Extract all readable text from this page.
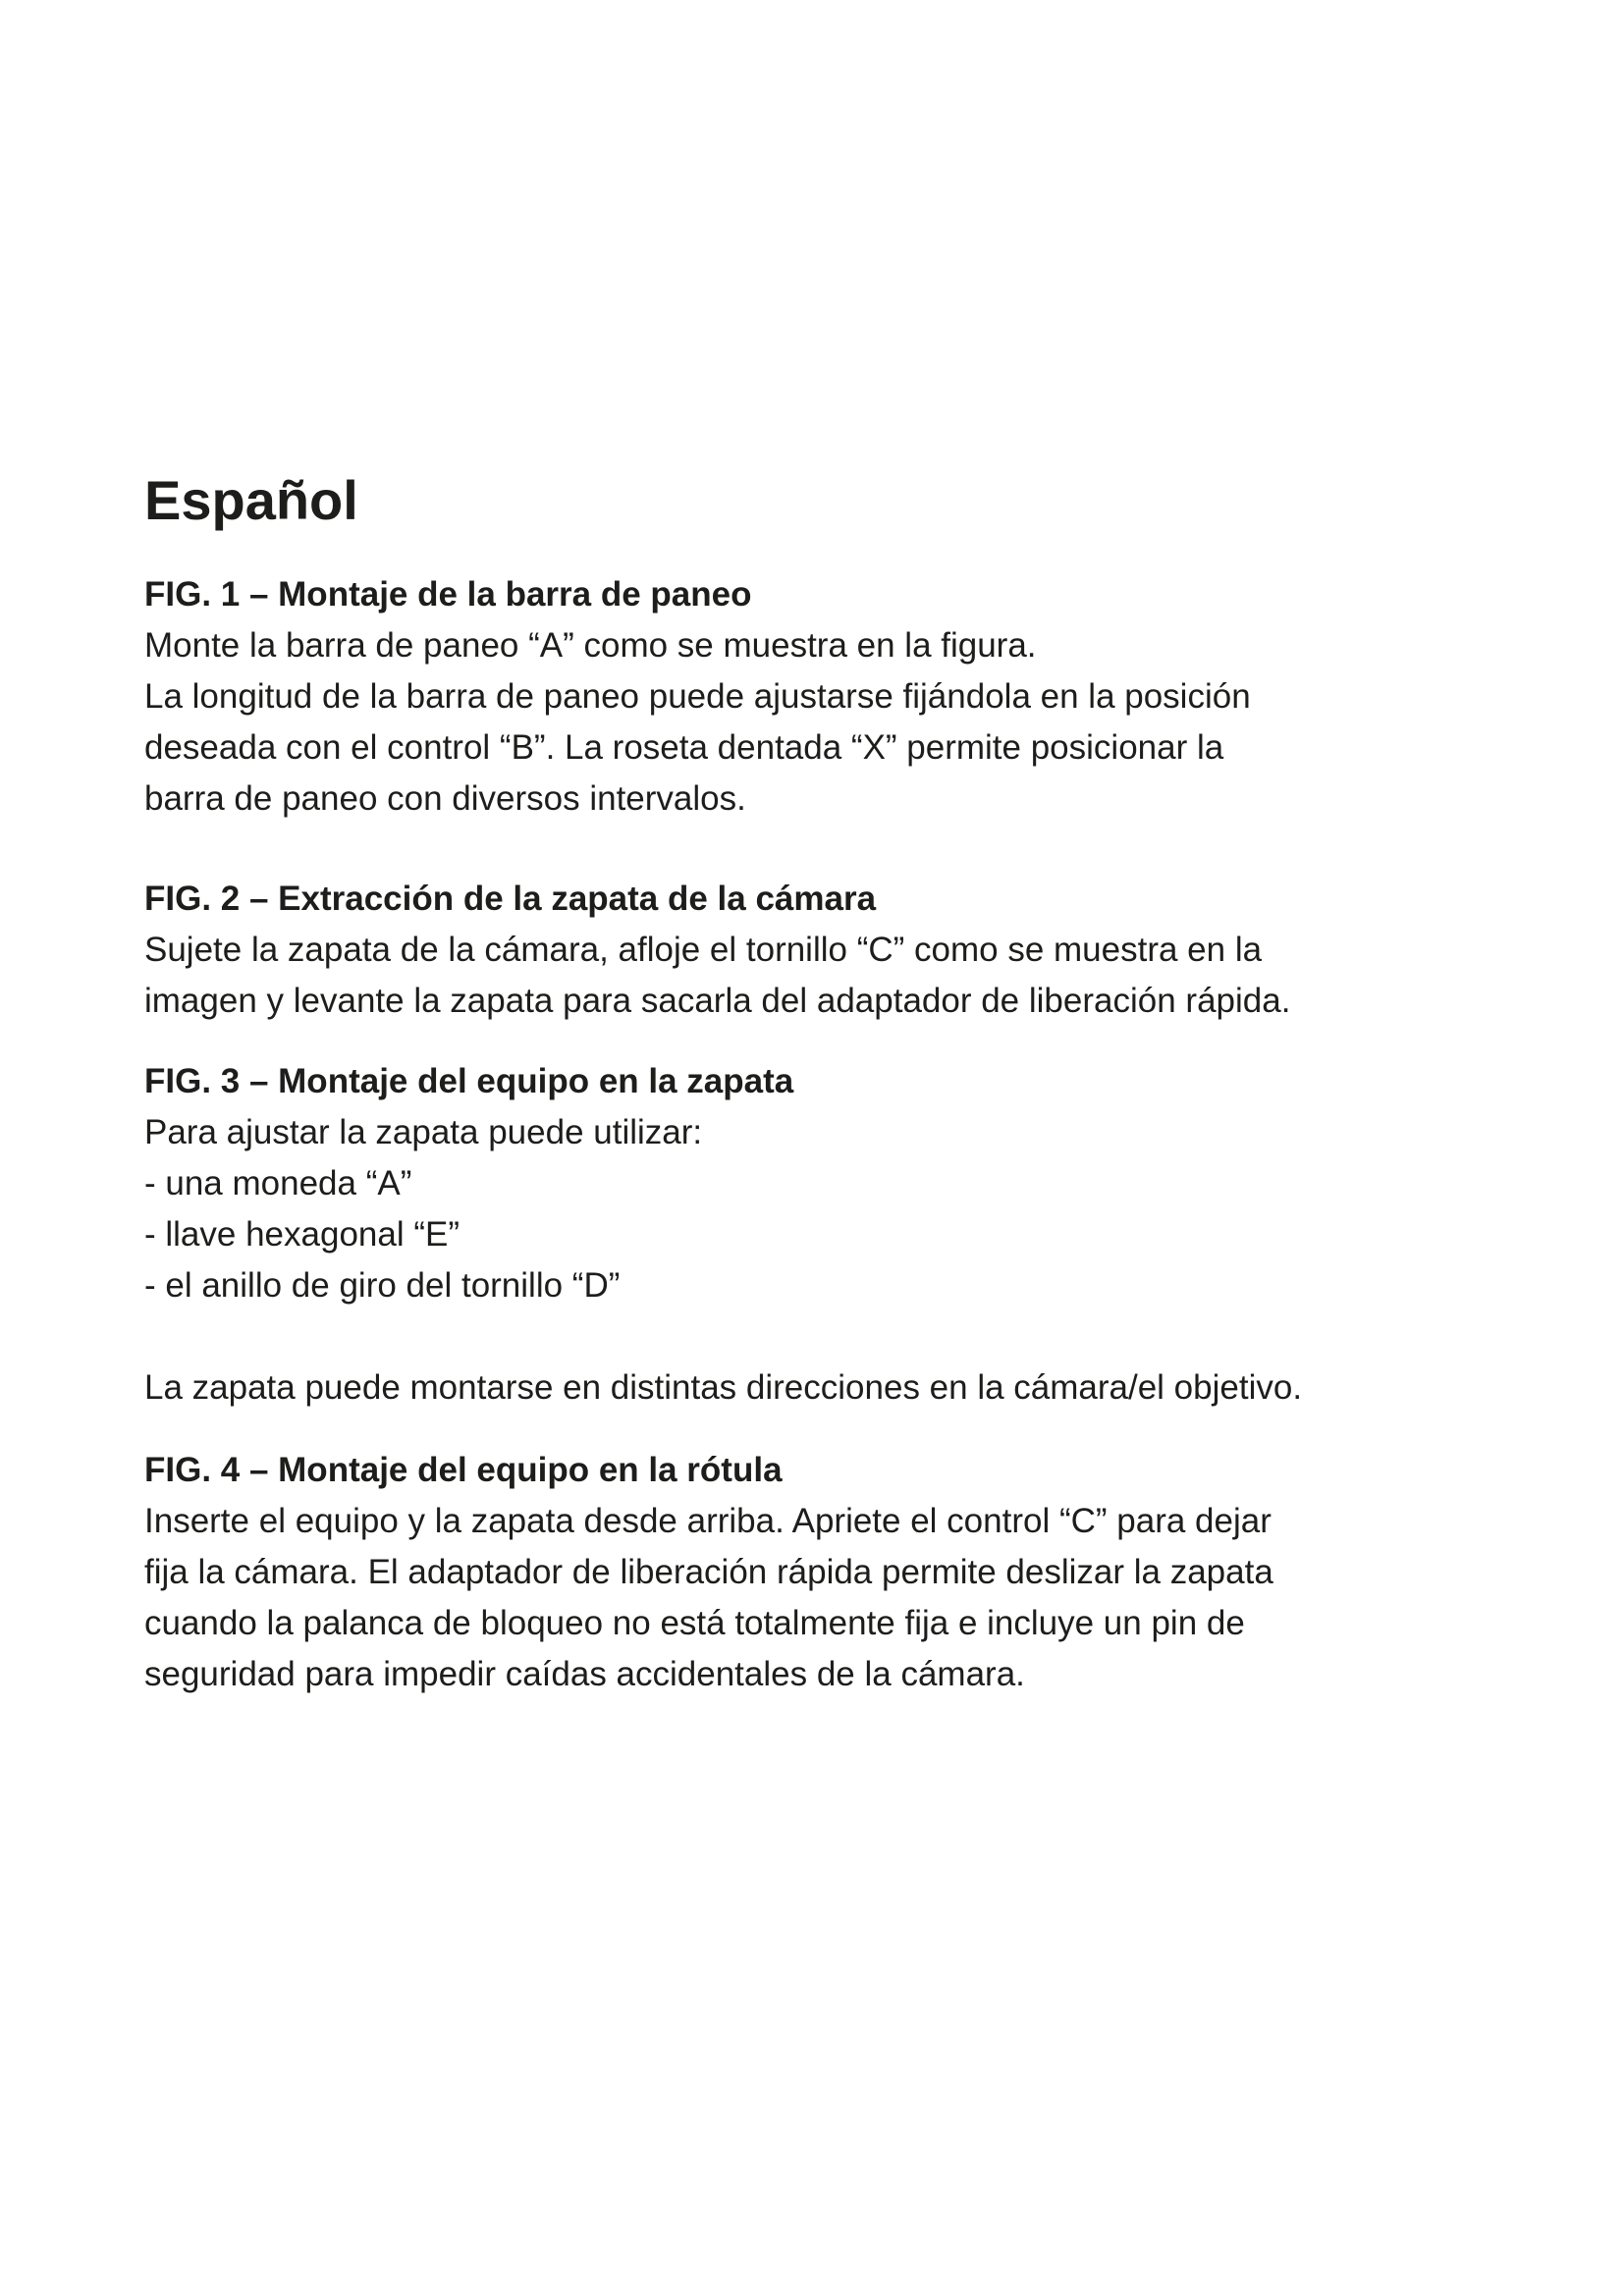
Español
FIG. 1 – Montaje de la barra de paneo
Monte la barra de paneo “A” como se muestra en la figura.
La longitud de la barra de paneo puede ajustarse fijándola en la posición
deseada con el control “B”. La roseta dentada “X” permite posicionar la
barra de paneo con diversos intervalos.
FIG. 2 – Extracción de la zapata de la cámara
Sujete la zapata de la cámara, afloje el tornillo “C” como se muestra en la
imagen y levante la zapata para sacarla del adaptador de liberación rápida.
FIG. 3 – Montaje del equipo en la zapata
Para ajustar la zapata puede utilizar:
- una moneda “A”
- llave hexagonal “E”
- el anillo de giro del tornillo “D”
La zapata puede montarse en distintas direcciones en la cámara/el objetivo.
FIG. 4 – Montaje del equipo en la rótula
Inserte el equipo y la zapata desde arriba. Apriete el control “C” para dejar
fija la cámara. El adaptador de liberación rápida permite deslizar la zapata
cuando la palanca de bloqueo no está totalmente fija e incluye un pin de
seguridad para impedir caídas accidentales de la cámara.
